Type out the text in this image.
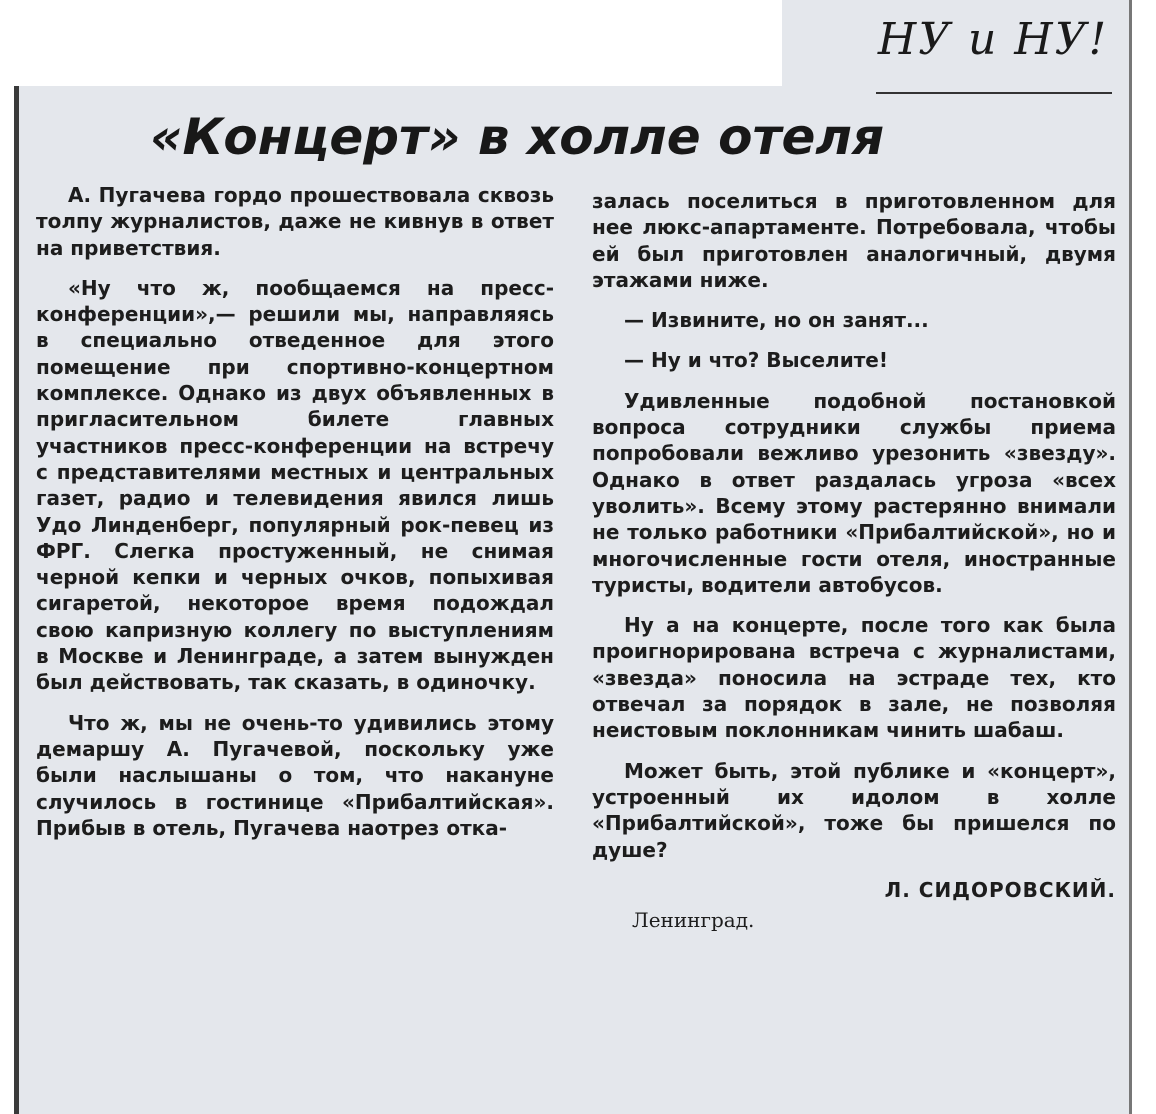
НУ и НУ!
«Концерт» в холле отеля

А. Пугачева гордо прошествовала сквозь толпу журналистов, даже не кивнув в ответ на приветствия.

«Ну что ж, пообщаемся на пресс-конференции»,— решили мы, направляясь в специально отведенное для этого помещение при спортивно-концертном комплексе. Однако из двух объявленных в пригласительном билете главных участников пресс-конференции на встречу с представителями местных и центральных газет, радио и телевидения явился лишь Удо Линденберг, популярный рок-певец из ФРГ. Слегка простуженный, не снимая черной кепки и черных очков, попыхивая сигаретой, некоторое время подождал свою капризную коллегу по выступлениям в Москве и Ленинграде, а затем вынужден был действовать, так сказать, в одиночку.

Что ж, мы не очень-то удивились этому демаршу А. Пугачевой, поскольку уже были наслышаны о том, что накануне случилось в гостинице «Прибалтийская». Прибыв в отель, Пугачева наотрез отка-

залась поселиться в приготовленном для нее люкс-апартаменте. Потребовала, чтобы ей был приготовлен аналогичный, двумя этажами ниже.

— Извините, но он занят...

— Ну и что? Выселите!

Удивленные подобной постановкой вопроса сотрудники службы приема попробовали вежливо урезонить «звезду». Однако в ответ раздалась угроза «всех уволить». Всему этому растерянно внимали не только работники «Прибалтийской», но и многочисленные гости отеля, иностранные туристы, водители автобусов.

Ну а на концерте, после того как была проигнорирована встреча с журналистами, «звезда» поносила на эстраде тех, кто отвечал за порядок в зале, не позволяя неистовым поклонникам чинить шабаш.

Может быть, этой публике и «концерт», устроенный их идолом в холле «Прибалтийской», тоже бы пришелся по душе?

Л. СИДОРОВСКИЙ.

Ленинград.
